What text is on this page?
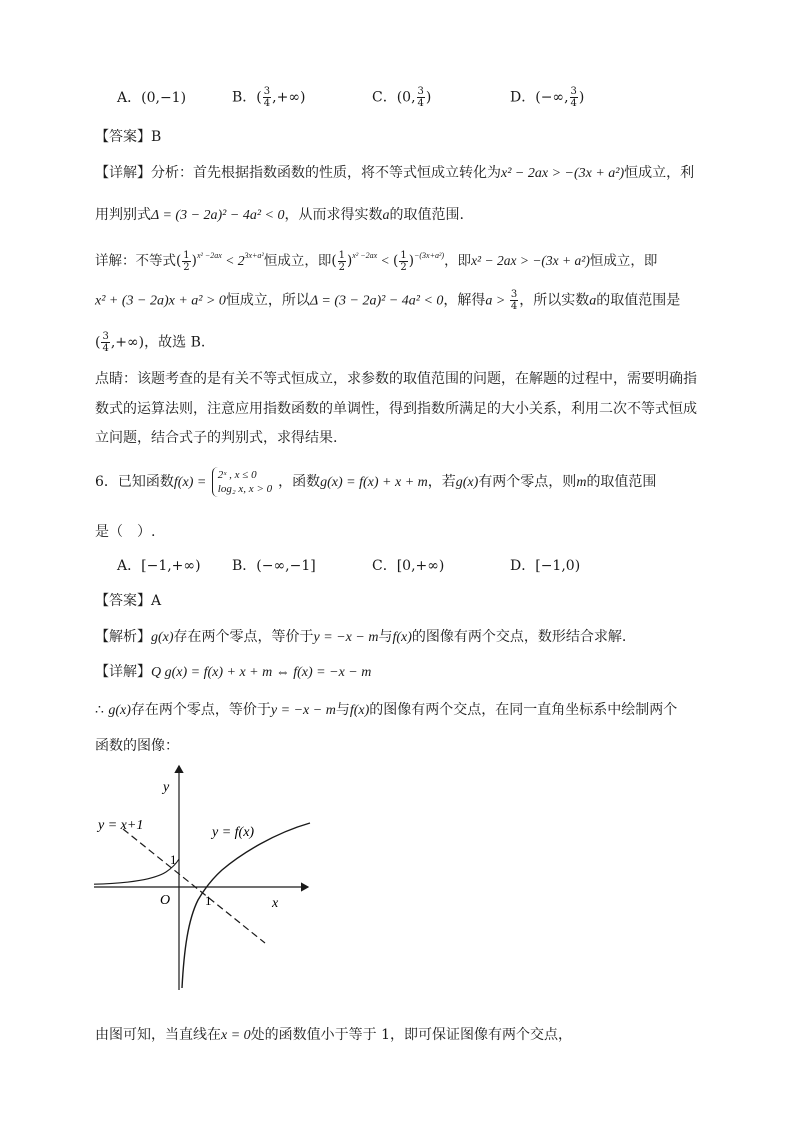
A．(0,−1)	B．( $\frac{3}{4}$ ,+∞)	C．(0, $\frac{3}{4}$ )	D．(−∞, $\frac{3}{4}$ )
【答案】B
【详解】分析：首先根据指数函数的性质，将不等式恒成立转化为x² − 2ax > −(3x + a²)恒成立，利
用判别式Δ = (3 − 2a)² − 4a² < 0，从而求得实数a的取值范围.
详解：不等式( $\frac{1}{2} )^{x^2 -2ax} < 2^{3x+a^2}$恒成立，即( $\frac{1}{2} )^{x^2 -2ax}$ < ( $\frac{1}{2} )^{-(3x+a^2)}$，即x² − 2ax > −(3x + a²)恒成立，即
x² + (3 − 2a)x + a² > 0恒成立，所以Δ = (3 − 2a)² − 4a² < 0，解得$a > \frac{3}{4}$ ，所以实数a的取值范围是
( $\frac{3}{4}$ ,+∞)，故选 B.
点睛：该题考查的是有关不等式恒成立，求参数的取值范围的问题，在解题的过程中，需要明确指
数式的运算法则，注意应用指数函数的单调性，得到指数所满足的大小关系，利用二次不等式恒成
立问题，结合式子的判别式，求得结果.
6．已知函数f(x) = 2ˣ , x ≤ 0
log₂ x, x > 0 ，函数g(x) = f(x) + x + m，若g(x)有两个零点，则m的取值范围
是（　）.
A．[−1,+∞) B．(−∞,−1]	C．[0,+∞)	D．[−1,0)
【答案】A
【解析】g(x)存在两个零点，等价于y = −x − m与f(x)的图像有两个交点，数形结合求解.
【详解】Q g(x) = f(x) + x + m ⇔ f(x) = −x − m
∴ g(x)存在两个零点，等价于y = −x − m与f(x)的图像有两个交点，在同一直角坐标系中绘制两个
函数的图像：
y
x
O
1
1
y = x+1	y = f(x)
由图可知，当直线在x = 0处的函数值小于等于 1，即可保证图像有两个交点，
